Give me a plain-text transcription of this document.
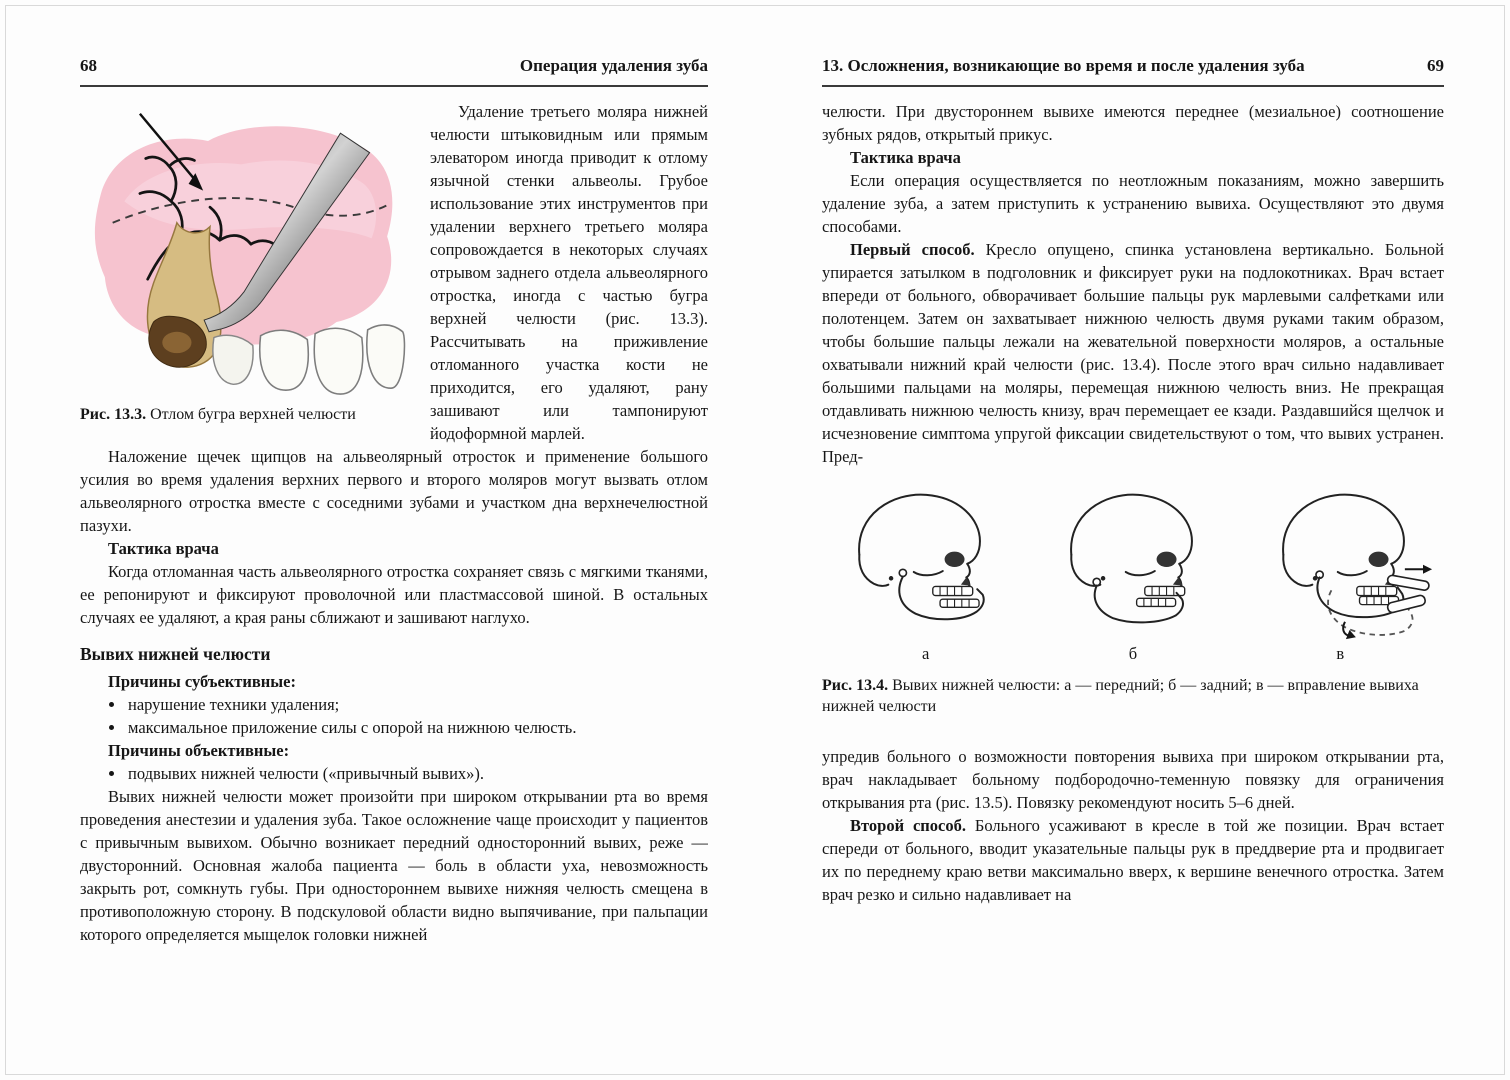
68	Операция удаления зуба
Рис. 13.3. Отлом бугра верхней челюсти

Удаление третьего моляра нижней челюсти штыковидным или прямым элеватором иногда приводит к отлому язычной стенки альвеолы. Грубое использование этих инструментов при удалении верхнего третьего моляра сопровождается в некоторых случаях отрывом заднего отдела альвеолярного отростка, иногда с частью бугра верхней челюсти (рис. 13.3). Рассчитывать на приживление отломанного участка кости не приходится, его удаляют, рану зашивают или тампонируют йодоформной марлей.

Наложение щечек щипцов на альвеолярный отросток и применение большого усилия во время удаления верхних первого и второго моляров могут вызвать отлом альвеолярного отростка вместе с соседними зубами и участком дна верхнечелюстной пазухи.

Тактика врача

Когда отломанная часть альвеолярного отростка сохраняет связь с мягкими тканями, ее репонируют и фиксируют проволочной или пластмассовой шиной. В остальных случаях ее удаляют, а края раны сближают и зашивают наглухо.

Вывих нижней челюсти

Причины субъективные:

• нарушение техники удаления;
• максимальное приложение силы с опорой на нижнюю челюсть.

Причины объективные:

• подвывих нижней челюсти («привычный вывих»).

Вывих нижней челюсти может произойти при широком открывании рта во время проведения анестезии и удаления зуба. Такое осложнение чаще происходит у пациентов с привычным вывихом. Обычно возникает передний односторонний вывих, реже — двусторонний. Основная жалоба пациента — боль в области уха, невозможность закрыть рот, сомкнуть губы. При одностороннем вывихе нижняя челюсть смещена в противоположную сторону. В подскуловой области видно выпячивание, при пальпации которого определяется мыщелок головки нижней

13. Осложнения, возникающие во время и после удаления зуба	69

челюсти. При двустороннем вывихе имеются переднее (мезиальное) соотношение зубных рядов, открытый прикус.

Тактика врача

Если операция осуществляется по неотложным показаниям, можно завершить удаление зуба, а затем приступить к устранению вывиха. Осуществляют это двумя способами.

Первый способ. Кресло опущено, спинка установлена вертикально. Больной упирается затылком в подголовник и фиксирует руки на подлокотниках. Врач встает впереди от больного, обворачивает большие пальцы рук марлевыми салфетками или полотенцем. Затем он захватывает нижнюю челюсть двумя руками таким образом, чтобы большие пальцы лежали на жевательной поверхности моляров, а остальные охватывали нижний край челюсти (рис. 13.4). После этого врач сильно надавливает большими пальцами на моляры, перемещая нижнюю челюсть вниз. Не прекращая отдавливать нижнюю челюсть книзу, врач перемещает ее кзади. Раздавшийся щелчок и исчезновение симптома упругой фиксации свидетельствуют о том, что вывих устранен. Пред-

а	б	в
Рис. 13.4. Вывих нижней челюсти: а — передний; б — задний; в — вправление вывиха нижней челюсти

упредив больного о возможности повторения вывиха при широком открывании рта, врач накладывает больному подбородочно-теменную повязку для ограничения открывания рта (рис. 13.5). Повязку рекомендуют носить 5–6 дней.

Второй способ. Больного усаживают в кресле в той же позиции. Врач встает спереди от больного, вводит указательные пальцы рук в преддверие рта и продвигает их по переднему краю ветви максимально вверх, к вершине венечного отростка. Затем врач резко и сильно надавливает на
